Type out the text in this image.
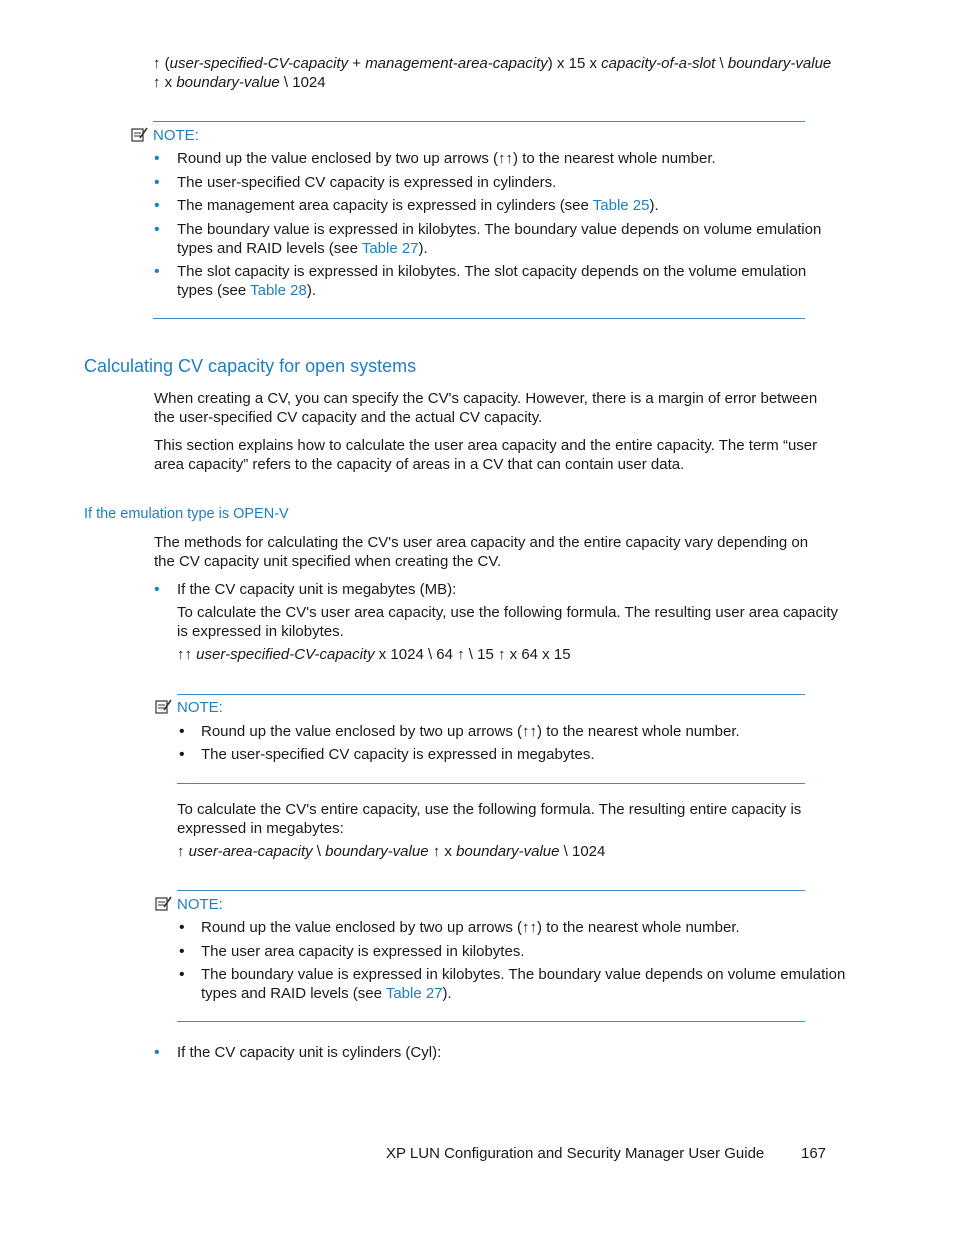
↑ (user-specified-CV-capacity + management-area-capacity) x 15 x capacity-of-a-slot \ boundary-value
↑ x boundary-value \ 1024
NOTE:
• Round up the value enclosed by two up arrows (↑↑) to the nearest whole number.
• The user-specified CV capacity is expressed in cylinders.
• The management area capacity is expressed in cylinders (see Table 25).
• The boundary value is expressed in kilobytes. The boundary value depends on volume emulation
types and RAID levels (see Table 27).
• The slot capacity is expressed in kilobytes. The slot capacity depends on the volume emulation
types (see Table 28).
Calculating CV capacity for open systems
When creating a CV, you can specify the CV's capacity. However, there is a margin of error between
the user-specified CV capacity and the actual CV capacity.
This section explains how to calculate the user area capacity and the entire capacity. The term “user
area capacity” refers to the capacity of areas in a CV that can contain user data.
If the emulation type is OPEN-V
The methods for calculating the CV's user area capacity and the entire capacity vary depending on
the CV capacity unit specified when creating the CV.
• If the CV capacity unit is megabytes (MB):
To calculate the CV's user area capacity, use the following formula. The resulting user area capacity
is expressed in kilobytes.
↑↑ user-specified-CV-capacity x 1024 \ 64 ↑ \ 15 ↑ x 64 x 15
NOTE:
• Round up the value enclosed by two up arrows (↑↑) to the nearest whole number.
• The user-specified CV capacity is expressed in megabytes.
To calculate the CV's entire capacity, use the following formula. The resulting entire capacity is
expressed in megabytes:
↑ user-area-capacity \ boundary-value ↑ x boundary-value \ 1024
NOTE:
• Round up the value enclosed by two up arrows (↑↑) to the nearest whole number.
• The user area capacity is expressed in kilobytes.
• The boundary value is expressed in kilobytes. The boundary value depends on volume emulation
types and RAID levels (see Table 27).
• If the CV capacity unit is cylinders (Cyl):
XP LUN Configuration and Security Manager User Guide 167
